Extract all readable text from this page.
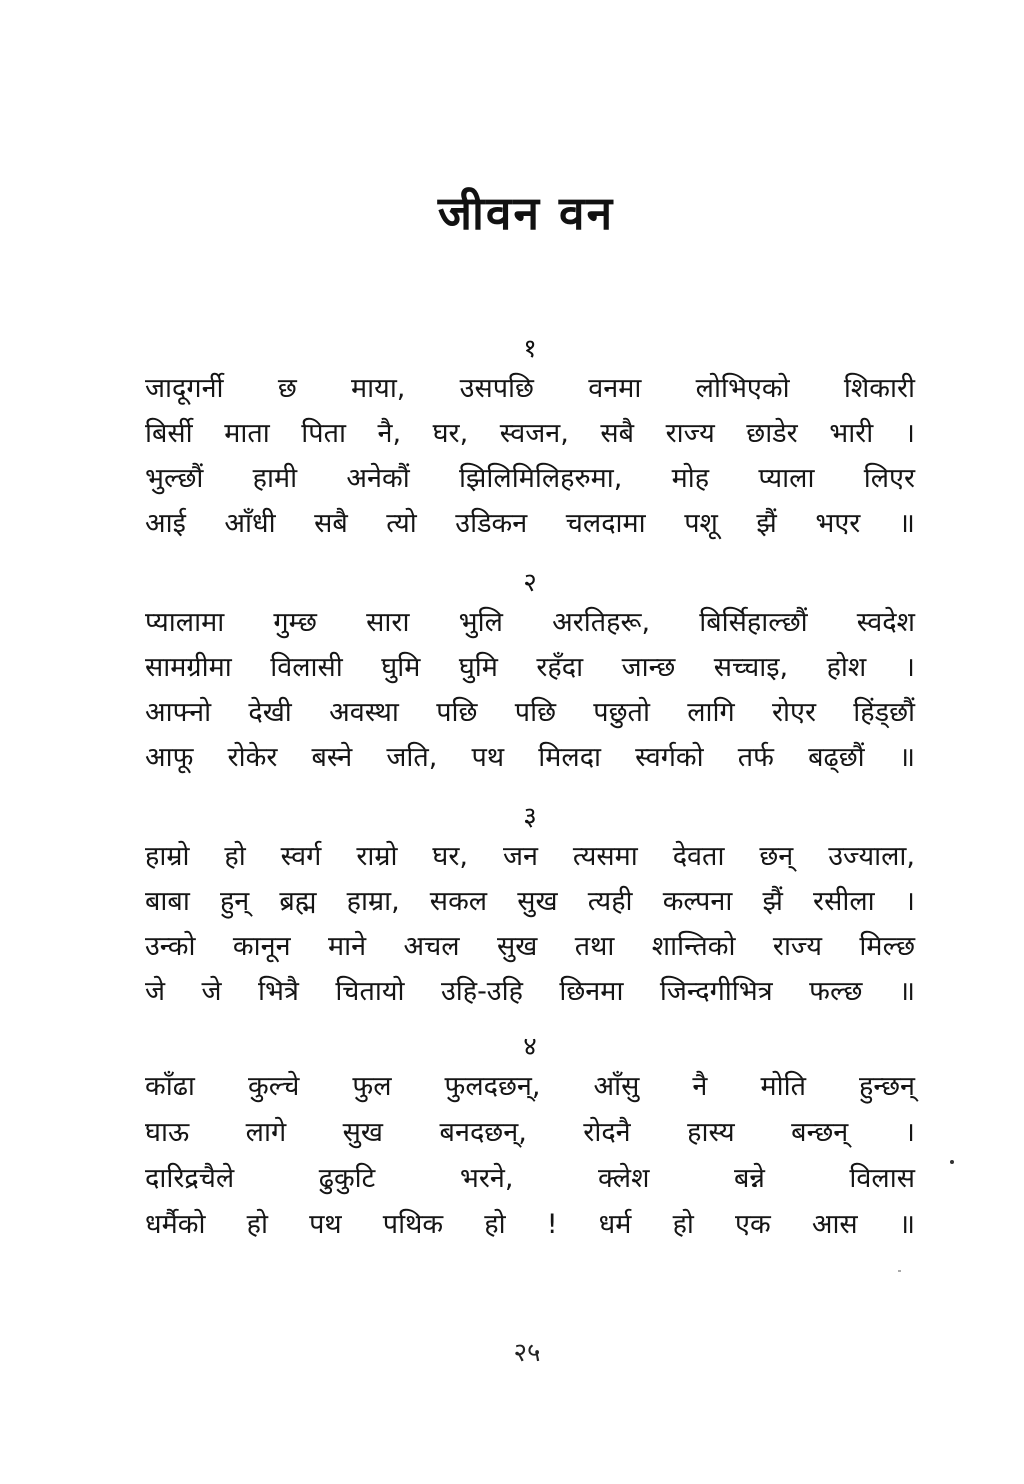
जीवन वन
१
जादूगर्नी छ माया, उसपछि वनमा लोभिएको शिकारी
बिर्सी माता पिता नै, घर, स्वजन, सबै राज्य छाडेर भारी ।
भुल्छौं हामी अनेकौं झिलिमिलिहरुमा, मोह प्याला लिएर
आई आँधी सबै त्यो उडिकन चलदामा पशू झैं भएर ॥
२
प्यालामा गुम्छ सारा भुलि अरतिहरू, बिर्सिहाल्छौं स्वदेश
सामग्रीमा विलासी घुमि घुमि रहँदा जान्छ सच्चाइ, होश ।
आफ्नो देखी अवस्था पछि पछि पछुतो लागि रोएर हिंड्छौं
आफू रोकेर बस्ने जति, पथ मिलदा स्वर्गको तर्फ बढ्छौं ॥
३
हाम्रो हो स्वर्ग राम्रो घर, जन त्यसमा देवता छन् उज्याला,
बाबा हुन् ब्रह्म हाम्रा, सकल सुख त्यही कल्पना झैं रसीला ।
उन्को कानून माने अचल सुख तथा शान्तिको राज्य मिल्छ
जे जे भित्रै चितायो उहि-उहि छिनमा जिन्दगीभित्र फल्छ ॥
४
काँढा कुल्चे फुल फुलदछन्, आँसु नै मोति हुन्छन्
घाऊ लागे सुख बनदछन्, रोदनै हास्य बन्छन् ।
दारिद्रचैले ढुकुटि भरने, क्लेश बन्ने विलास
धर्मैको हो पथ पथिक हो ! धर्म हो एक आस ॥
२५
